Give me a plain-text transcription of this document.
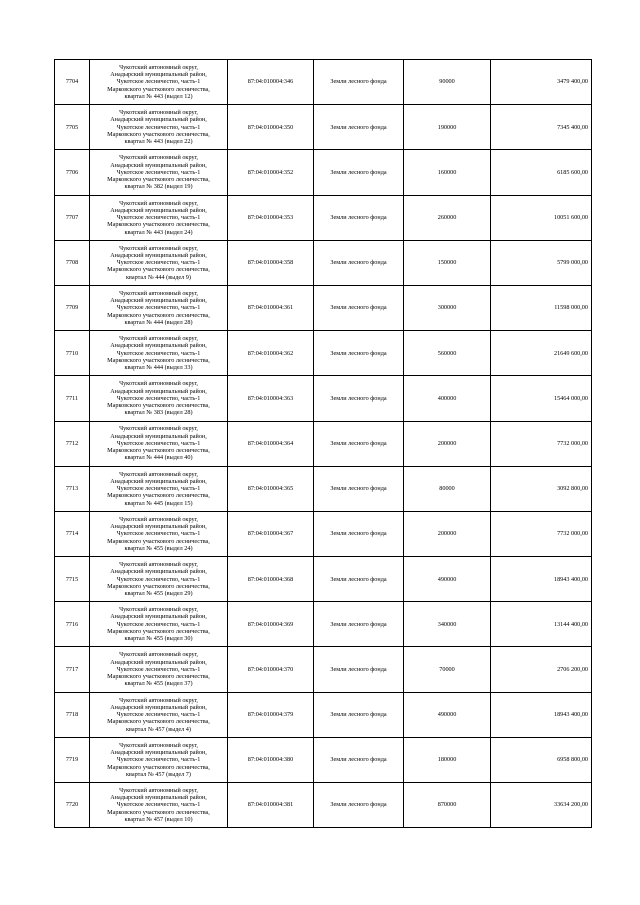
7704	Чукотский автономный округ,
Анадырский муниципальный район,
Чукотское лесничество, часть-1
Марковского участкового лесничества,
квартал № 443 (выдел 12)	87:04:010004:346	Земли лесного фонда	90000	3479 400,00
7705	Чукотский автономный округ,
Анадырский муниципальный район,
Чукотское лесничество, часть-1
Марковского участкового лесничества,
квартал № 443 (выдел 22)	87:04:010004:350	Земли лесного фонда	190000	7345 400,00
7706	Чукотский автономный округ,
Анадырский муниципальный район,
Чукотское лесничество, часть-1
Марковского участкового лесничества,
квартал № 382 (выдел 19)	87:04:010004:352	Земли лесного фонда	160000	6185 600,00
7707	Чукотский автономный округ,
Анадырский муниципальный район,
Чукотское лесничество, часть-1
Марковского участкового лесничества,
квартал № 443 (выдел 24)	87:04:010004:353	Земли лесного фонда	260000	10051 600,00
7708	Чукотский автономный округ,
Анадырский муниципальный район,
Чукотское лесничество, часть-1
Марковского участкового лесничества,
квартал № 444 (выдел 9)	87:04:010004:358	Земли лесного фонда	150000	5799 000,00
7709	Чукотский автономный округ,
Анадырский муниципальный район,
Чукотское лесничество, часть-1
Марковского участкового лесничества,
квартал № 444 (выдел 28)	87:04:010004:361	Земли лесного фонда	300000	11598 000,00
7710	Чукотский автономный округ,
Анадырский муниципальный район,
Чукотское лесничество, часть-1
Марковского участкового лесничества,
квартал № 444 (выдел 33)	87:04:010004:362	Земли лесного фонда	560000	21649 600,00
7711	Чукотский автономный округ,
Анадырский муниципальный район,
Чукотское лесничество, часть-1
Марковского участкового лесничества,
квартал № 383 (выдел 28)	87:04:010004:363	Земли лесного фонда	400000	15464 000,00
7712	Чукотский автономный округ,
Анадырский муниципальный район,
Чукотское лесничество, часть-1
Марковского участкового лесничества,
квартал № 444 (выдел 40)	87:04:010004:364	Земли лесного фонда	200000	7732 000,00
7713	Чукотский автономный округ,
Анадырский муниципальный район,
Чукотское лесничество, часть-1
Марковского участкового лесничества,
квартал № 445 (выдел 15)	87:04:010004:365	Земли лесного фонда	80000	3092 800,00
7714	Чукотский автономный округ,
Анадырский муниципальный район,
Чукотское лесничество, часть-1
Марковского участкового лесничества,
квартал № 455 (выдел 24)	87:04:010004:367	Земли лесного фонда	200000	7732 000,00
7715	Чукотский автономный округ,
Анадырский муниципальный район,
Чукотское лесничество, часть-1
Марковского участкового лесничества,
квартал № 455 (выдел 29)	87:04:010004:368	Земли лесного фонда	490000	18943 400,00
7716	Чукотский автономный округ,
Анадырский муниципальный район,
Чукотское лесничество, часть-1
Марковского участкового лесничества,
квартал № 455 (выдел 30)	87:04:010004:369	Земли лесного фонда	340000	13144 400,00
7717	Чукотский автономный округ,
Анадырский муниципальный район,
Чукотское лесничество, часть-1
Марковского участкового лесничества,
квартал № 455 (выдел 37)	87:04:010004:370	Земли лесного фонда	70000	2706 200,00
7718	Чукотский автономный округ,
Анадырский муниципальный район,
Чукотское лесничество, часть-1
Марковского участкового лесничества,
квартал № 457 (выдел 4)	87:04:010004:379	Земли лесного фонда	490000	18943 400,00
7719	Чукотский автономный округ,
Анадырский муниципальный район,
Чукотское лесничество, часть-1
Марковского участкового лесничества,
квартал № 457 (выдел 7)	87:04:010004:380	Земли лесного фонда	180000	6958 800,00
7720	Чукотский автономный округ,
Анадырский муниципальный район,
Чукотское лесничество, часть-1
Марковского участкового лесничества,
квартал № 457 (выдел 10)	87:04:010004:381	Земли лесного фонда	870000	33634 200,00
